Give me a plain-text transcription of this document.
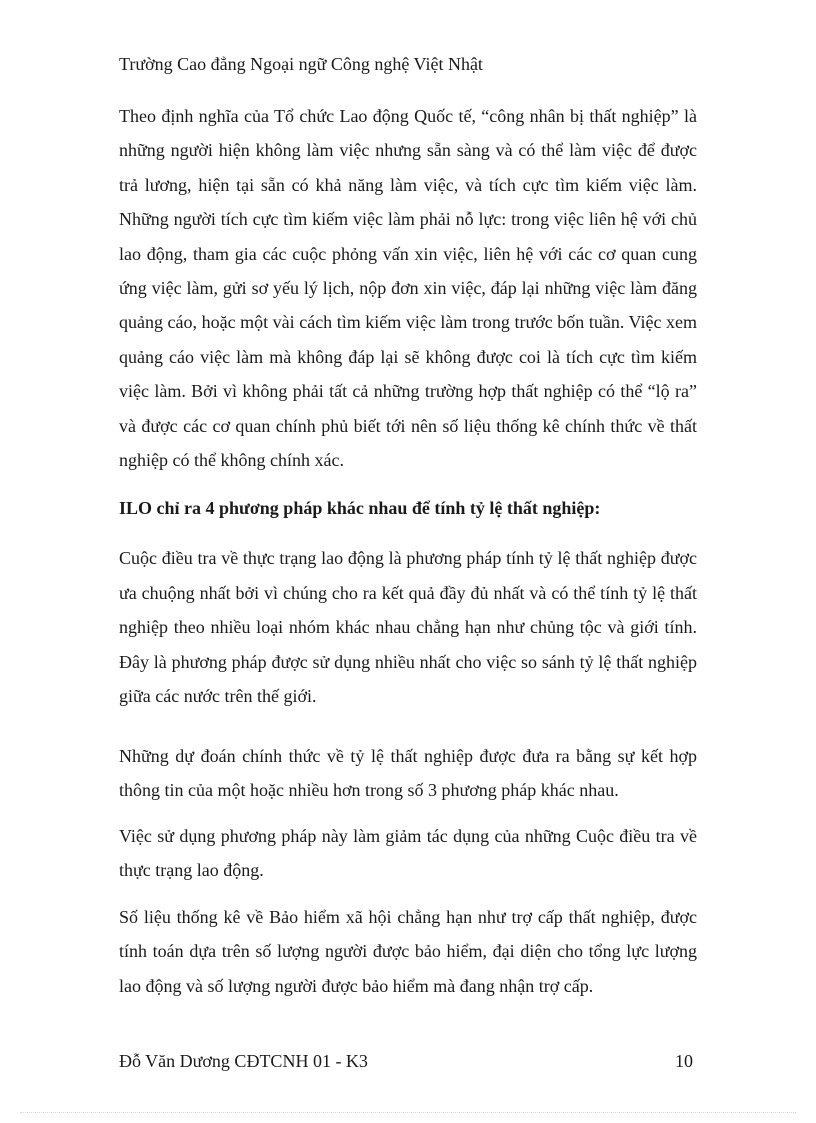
Trường Cao đẳng Ngoại ngữ Công nghệ Việt Nhật
Theo định nghĩa của Tổ chức Lao động Quốc tế, “công nhân bị thất nghiệp” là những người hiện không làm việc nhưng sẵn sàng và có thể làm việc để được trả lương, hiện tại sẵn có khả năng làm việc, và tích cực tìm kiếm việc làm. Những người tích cực tìm kiếm việc làm phải nỗ lực: trong việc liên hệ với chủ lao động, tham gia các cuộc phỏng vấn xin việc, liên hệ với các cơ quan cung ứng việc làm, gửi sơ yếu lý lịch, nộp đơn xin việc, đáp lại những việc làm đăng quảng cáo, hoặc một vài cách tìm kiếm việc làm trong trước bốn tuần. Việc xem quảng cáo việc làm mà không đáp lại sẽ không được coi là tích cực tìm kiếm việc làm. Bởi vì không phải tất cả những trường hợp thất nghiệp có thể “lộ ra” và được các cơ quan chính phủ biết tới nên số liệu thống kê chính thức về thất nghiệp có thể không chính xác.
ILO chỉ ra 4 phương pháp khác nhau để tính tỷ lệ thất nghiệp:
Cuộc điều tra về thực trạng lao động là phương pháp tính tỷ lệ thất nghiệp được ưa chuộng nhất bởi vì chúng cho ra kết quả đầy đủ nhất và có thể tính tỷ lệ thất nghiệp theo nhiều loại nhóm khác nhau chẳng hạn như chủng tộc và giới tính. Đây là phương pháp được sử dụng nhiều nhất cho việc so sánh tỷ lệ thất nghiệp giữa các nước trên thế giới.
Những dự đoán chính thức về tỷ lệ thất nghiệp được đưa ra bằng sự kết hợp thông tin của một hoặc nhiều hơn trong số 3 phương pháp khác nhau.
Việc sử dụng phương pháp này làm giảm tác dụng của những Cuộc điều tra về thực trạng lao động.
Số liệu thống kê về Bảo hiểm xã hội chẳng hạn như trợ cấp thất nghiệp, được tính toán dựa trên số lượng người được bảo hiểm, đại diện cho tổng lực lượng lao động và số lượng người được bảo hiểm mà đang nhận trợ cấp.
Đỗ Văn Dương CĐTCNH 01 - K3	10
